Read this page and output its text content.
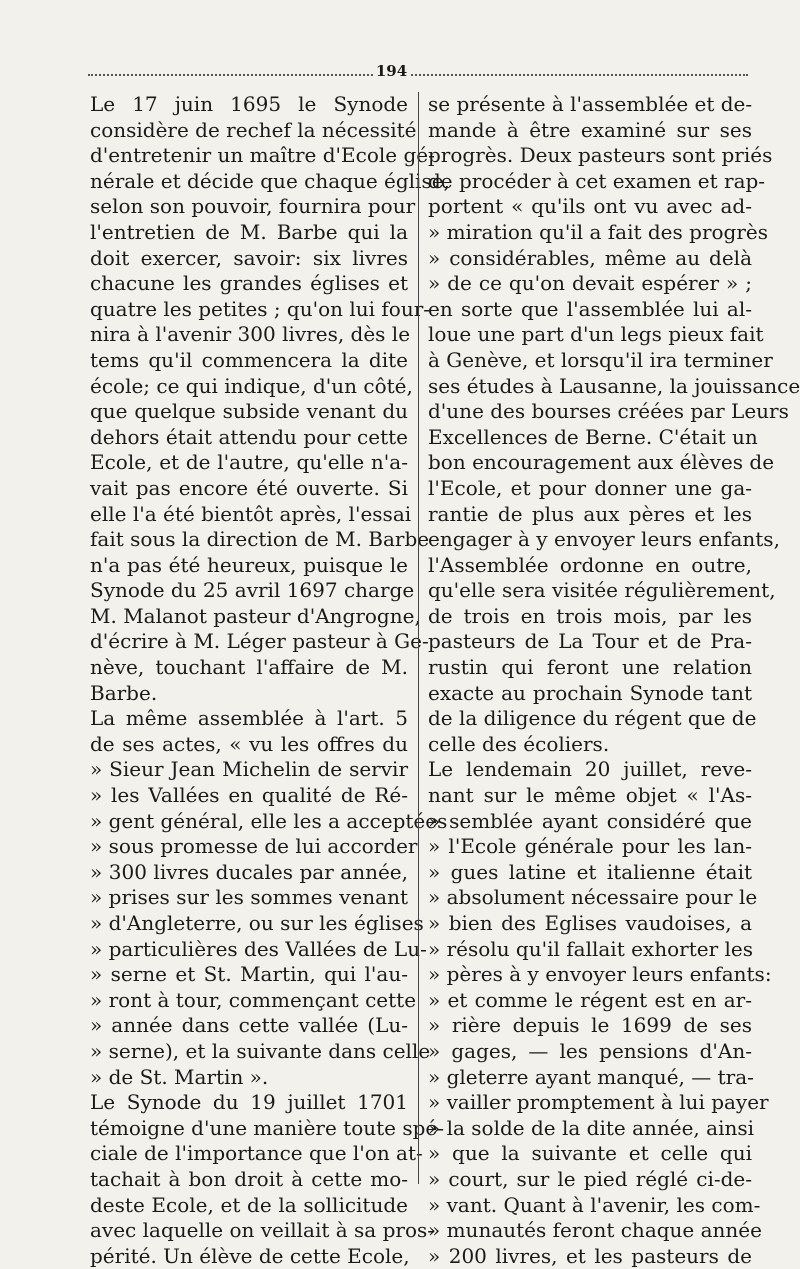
194
Le 17 juin 1695 le Synode
considère de rechef la nécessité
d'entretenir un maître d'Ecole gé-
nérale et décide que chaque église,
selon son pouvoir, fournira pour
l'entretien de M. Barbe qui la
doit exercer, savoir: six livres
chacune les grandes églises et
quatre les petites ; qu'on lui four-
nira à l'avenir 300 livres, dès le
tems qu'il commencera la dite
école; ce qui indique, d'un côté,
que quelque subside venant du
dehors était attendu pour cette
Ecole, et de l'autre, qu'elle n'a-
vait pas encore été ouverte. Si
elle l'a été bientôt après, l'essai
fait sous la direction de M. Barbe
n'a pas été heureux, puisque le
Synode du 25 avril 1697 charge
M. Malanot pasteur d'Angrogne,
d'écrire à M. Léger pasteur à Ge-
nève, touchant l'affaire de M.
Barbe.
La même assemblée à l'art. 5
de ses actes, « vu les offres du
» Sieur Jean Michelin de servir
» les Vallées en qualité de Ré-
» gent général, elle les a acceptées
» sous promesse de lui accorder
» 300 livres ducales par année,
» prises sur les sommes venant
» d'Angleterre, ou sur les églises
» particulières des Vallées de Lu-
» serne et St. Martin, qui l'au-
» ront à tour, commençant cette
» année dans cette vallée (Lu-
» serne), et la suivante dans celle
» de St. Martin ».
Le Synode du 19 juillet 1701
témoigne d'une manière toute spé-
ciale de l'importance que l'on at-
tachait à bon droit à cette mo-
deste Ecole, et de la sollicitude
avec laquelle on veillait à sa pros-
périté. Un élève de cette Ecole,
se présente à l'assemblée et de-
mande à être examiné sur ses
progrès. Deux pasteurs sont priés
de procéder à cet examen et rap-
portent « qu'ils ont vu avec ad-
» miration qu'il a fait des progrès
» considérables, même au delà
» de ce qu'on devait espérer » ;
en sorte que l'assemblée lui al-
loue une part d'un legs pieux fait
à Genève, et lorsqu'il ira terminer
ses études à Lausanne, la jouissance
d'une des bourses créées par Leurs
Excellences de Berne. C'était un
bon encouragement aux élèves de
l'Ecole, et pour donner une ga-
rantie de plus aux pères et les
engager à y envoyer leurs enfants,
l'Assemblée ordonne en outre,
qu'elle sera visitée régulièrement,
de trois en trois mois, par les
pasteurs de La Tour et de Pra-
rustin qui feront une relation
exacte au prochain Synode tant
de la diligence du régent que de
celle des écoliers.
Le lendemain 20 juillet, reve-
nant sur le même objet « l'As-
» semblée ayant considéré que
» l'Ecole générale pour les lan-
» gues latine et italienne était
» absolument nécessaire pour le
» bien des Eglises vaudoises, a
» résolu qu'il fallait exhorter les
» pères à y envoyer leurs enfants:
» et comme le régent est en ar-
» rière depuis le 1699 de ses
» gages, — les pensions d'An-
» gleterre ayant manqué, — tra-
» vailler promptement à lui payer
» la solde de la dite année, ainsi
» que la suivante et celle qui
» court, sur le pied réglé ci-de-
» vant. Quant à l'avenir, les com-
» munautés feront chaque année
» 200 livres, et les pasteurs de
